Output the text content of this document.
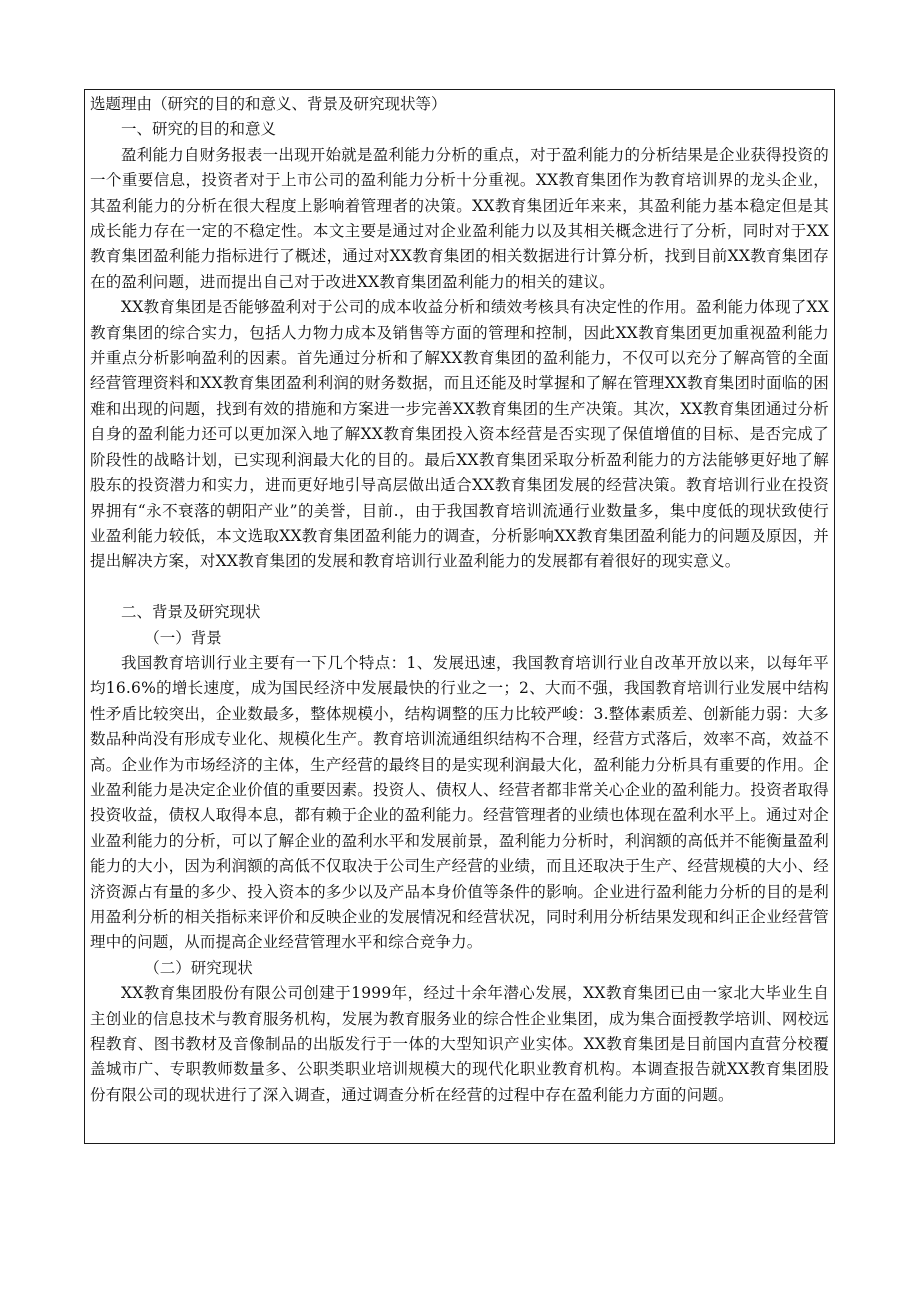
选题理由（研究的目的和意义、背景及研究现状等）

一、研究的目的和意义

盈利能力自财务报表一出现开始就是盈利能力分析的重点，对于盈利能力的分析结果是企业获得投资的一个重要信息，投资者对于上市公司的盈利能力分析十分重视。XX教育集团作为教育培训界的龙头企业，其盈利能力的分析在很大程度上影响着管理者的决策。XX教育集团近年来来，其盈利能力基本稳定但是其成长能力存在一定的不稳定性。本文主要是通过对企业盈利能力以及其相关概念进行了分析，同时对于XX教育集团盈利能力指标进行了概述，通过对XX教育集团的相关数据进行计算分析，找到目前XX教育集团存在的盈利问题，进而提出自己对于改进XX教育集团盈利能力的相关的建议。

XX教育集团是否能够盈利对于公司的成本收益分析和绩效考核具有决定性的作用。盈利能力体现了XX教育集团的综合实力，包括人力物力成本及销售等方面的管理和控制，因此XX教育集团更加重视盈利能力并重点分析影响盈利的因素。首先通过分析和了解XX教育集团的盈利能力，不仅可以充分了解高管的全面经营管理资料和XX教育集团盈利利润的财务数据，而且还能及时掌握和了解在管理XX教育集团时面临的困难和出现的问题，找到有效的措施和方案进一步完善XX教育集团的生产决策。其次，XX教育集团通过分析自身的盈利能力还可以更加深入地了解XX教育集团投入资本经营是否实现了保值增值的目标、是否完成了阶段性的战略计划，已实现利润最大化的目的。最后XX教育集团采取分析盈利能力的方法能够更好地了解股东的投资潜力和实力，进而更好地引导高层做出适合XX教育集团发展的经营决策。教育培训行业在投资界拥有“永不衰落的朝阳产业”的美誉，目前.，由于我国教育培训流通行业数量多，集中度低的现状致使行业盈利能力较低，本文选取XX教育集团盈利能力的调查，分析影响XX教育集团盈利能力的问题及原因，并提出解决方案，对XX教育集团的发展和教育培训行业盈利能力的发展都有着很好的现实意义。

二、背景及研究现状

（一）背景

我国教育培训行业主要有一下几个特点：1、发展迅速，我国教育培训行业自改革开放以来，以每年平均16.6%的增长速度，成为国民经济中发展最快的行业之一；2、大而不强，我国教育培训行业发展中结构性矛盾比较突出，企业数最多，整体规模小，结构调整的压力比较严峻：3.整体素质差、创新能力弱：大多数品种尚没有形成专业化、规模化生产。教育培训流通组织结构不合理，经营方式落后，效率不高，效益不高。企业作为市场经济的主体，生产经营的最终目的是实现利润最大化，盈利能力分析具有重要的作用。企业盈利能力是决定企业价值的重要因素。投资人、债权人、经营者都非常关心企业的盈利能力。投资者取得投资收益，债权人取得本息，都有赖于企业的盈利能力。经营管理者的业绩也体现在盈利水平上。通过对企业盈利能力的分析，可以了解企业的盈利水平和发展前景，盈利能力分析时，利润额的高低并不能衡量盈利能力的大小，因为利润额的高低不仅取决于公司生产经营的业绩，而且还取决于生产、经营规模的大小、经济资源占有量的多少、投入资本的多少以及产品本身价值等条件的影响。企业进行盈利能力分析的目的是利用盈利分析的相关指标来评价和反映企业的发展情况和经营状况，同时利用分析结果发现和纠正企业经营管理中的问题，从而提高企业经营管理水平和综合竞争力。

（二）研究现状

XX教育集团股份有限公司创建于1999年，经过十余年潜心发展，XX教育集团已由一家北大毕业生自主创业的信息技术与教育服务机构，发展为教育服务业的综合性企业集团，成为集合面授教学培训、网校远程教育、图书教材及音像制品的出版发行于一体的大型知识产业实体。XX教育集团是目前国内直营分校覆盖城市广、专职教师数量多、公职类职业培训规模大的现代化职业教育机构。本调查报告就XX教育集团股份有限公司的现状进行了深入调查，通过调查分析在经营的过程中存在盈利能力方面的问题。
